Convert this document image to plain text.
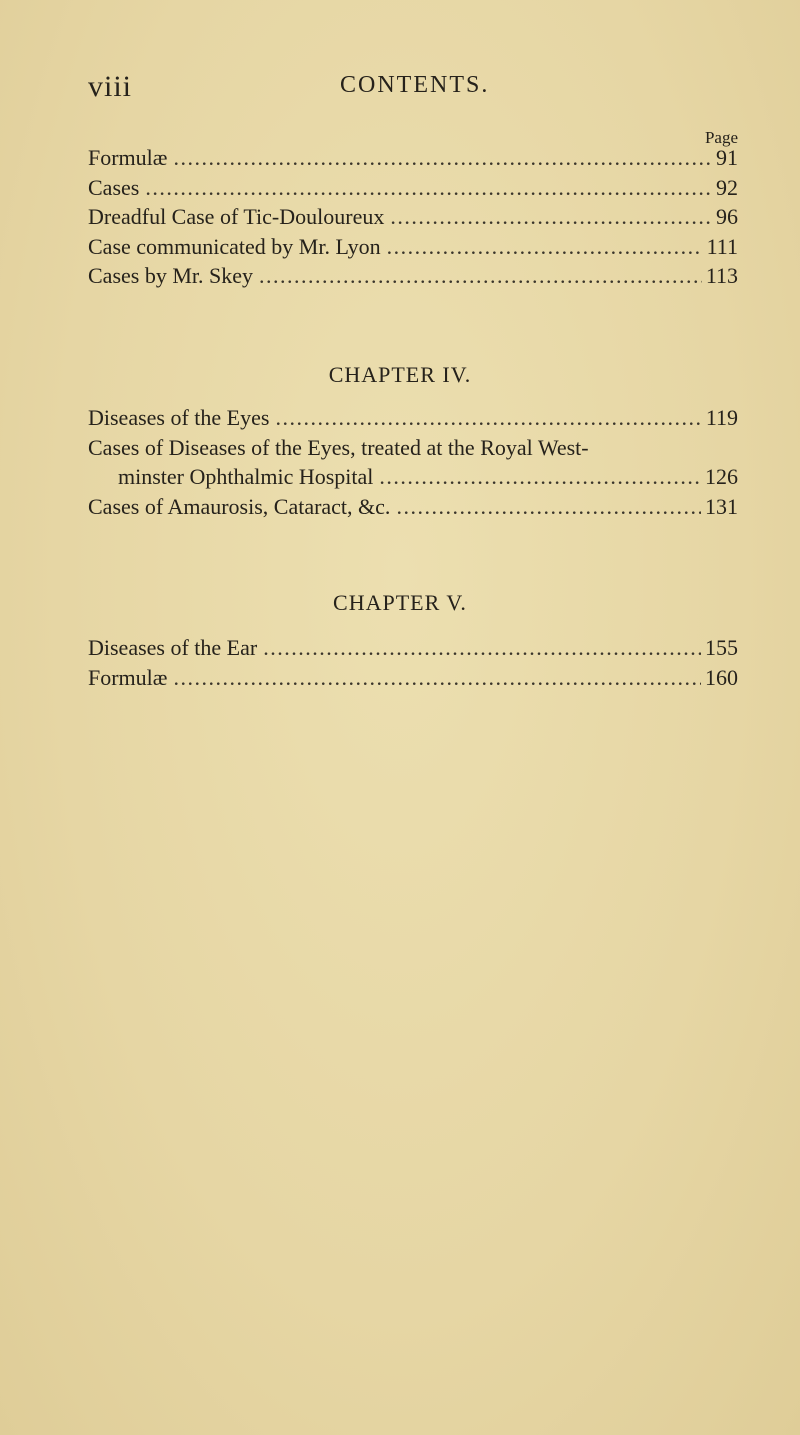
viii	CONTENTS.
Page
Formulæ .....	91
Cases .....	92
Dreadful Case of Tic-Douloureux .....	96
Case communicated by Mr. Lyon .....	111
Cases by Mr. Skey .....	113
CHAPTER IV.
Diseases of the Eyes .....	119
Cases of Diseases of the Eyes, treated at the Royal West-
minster Ophthalmic Hospital .....	126
Cases of Amaurosis, Cataract, &c. .....	131
CHAPTER V.
Diseases of the Ear .....	155
Formulæ .....	160
